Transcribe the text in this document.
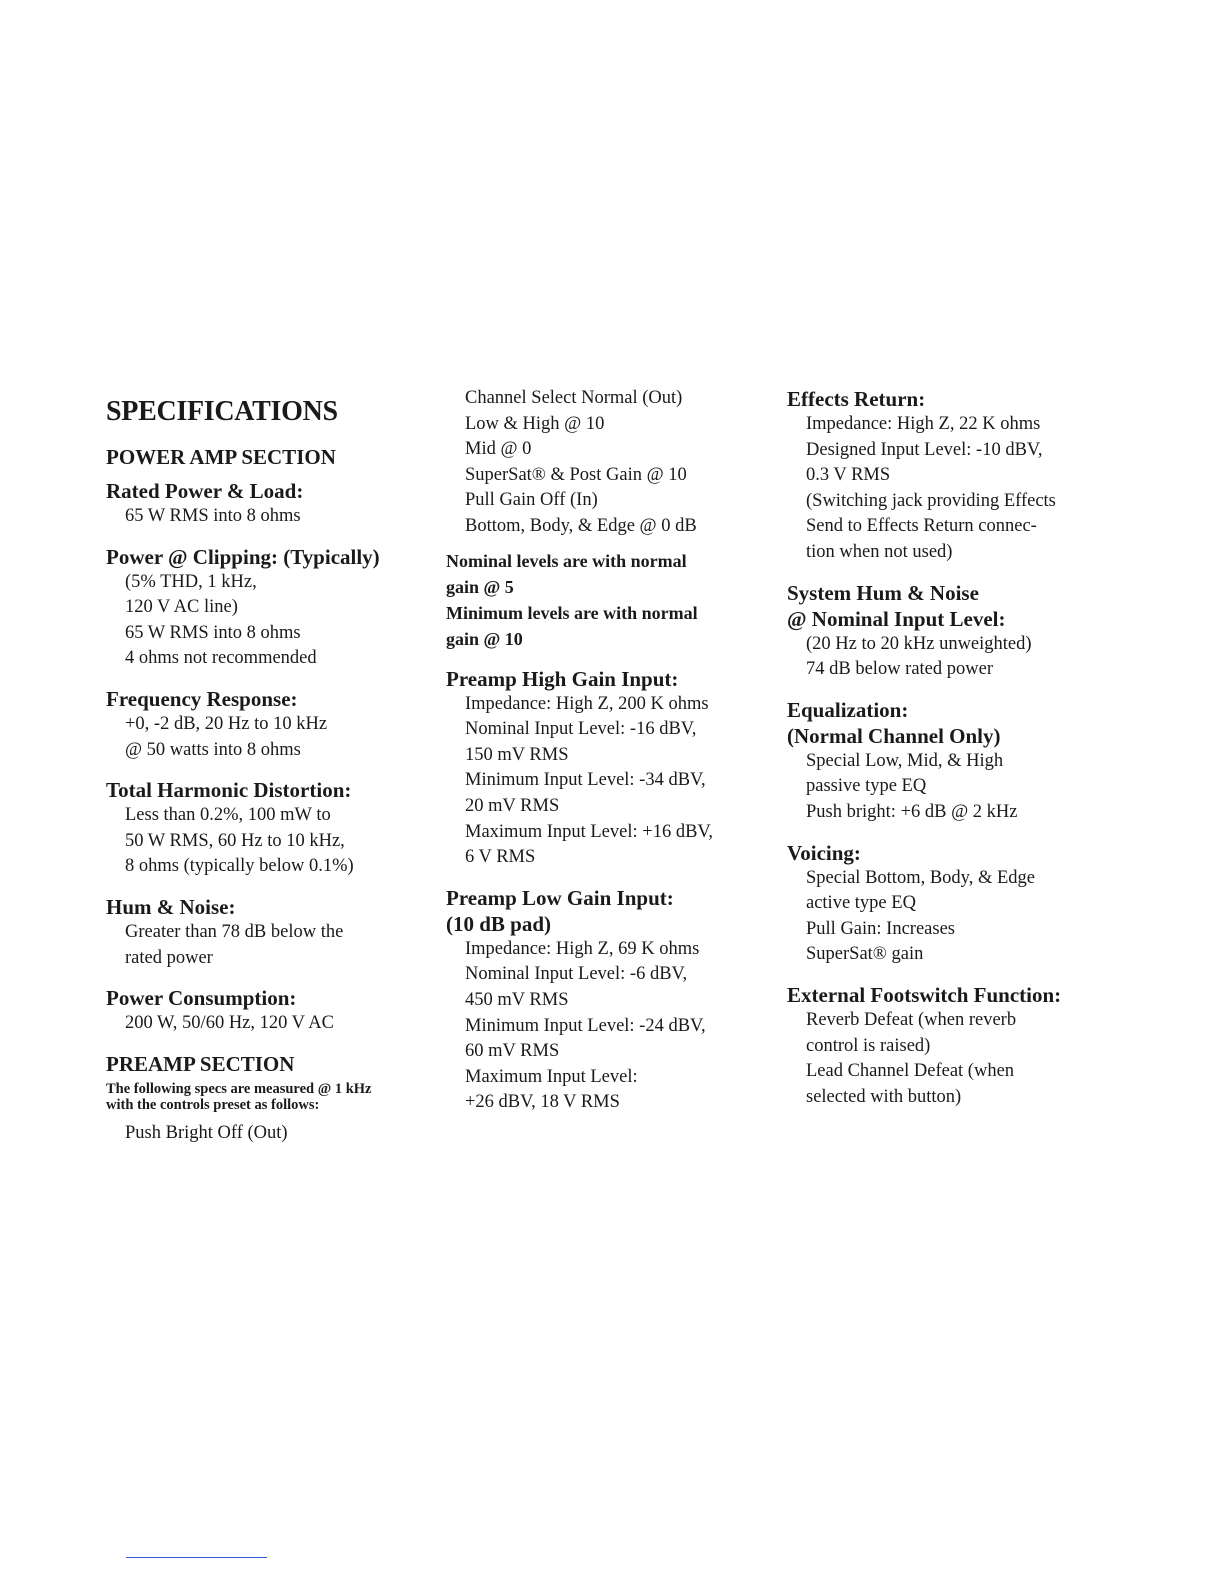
SPECIFICATIONS
POWER AMP SECTION
Rated Power & Load:
65 W RMS into 8 ohms
Power @ Clipping: (Typically)
(5% THD, 1 kHz,
120 V AC line)
65 W RMS into 8 ohms
4 ohms not recommended
Frequency Response:
+0, -2 dB, 20 Hz to 10 kHz
@ 50 watts into 8 ohms
Total Harmonic Distortion:
Less than 0.2%, 100 mW to
50 W RMS, 60 Hz to 10 kHz,
8 ohms (typically below 0.1%)
Hum & Noise:
Greater than 78 dB below the
rated power
Power Consumption:
200 W, 50/60 Hz, 120 V AC
PREAMP SECTION
The following specs are measured @ 1 kHz
with the controls preset as follows:
Push Bright Off (Out)
Channel Select Normal (Out)
Low & High @ 10
Mid @ 0
SuperSat® & Post Gain @ 10
Pull Gain Off (In)
Bottom, Body, & Edge @ 0 dB
Nominal levels are with normal
gain @ 5
Minimum levels are with normal
gain @ 10
Preamp High Gain Input:
Impedance: High Z, 200 K ohms
Nominal Input Level: -16 dBV,
150 mV RMS
Minimum Input Level: -34 dBV,
20 mV RMS
Maximum Input Level: +16 dBV,
6 V RMS
Preamp Low Gain Input:
(10 dB pad)
Impedance: High Z, 69 K ohms
Nominal Input Level: -6 dBV,
450 mV RMS
Minimum Input Level: -24 dBV,
60 mV RMS
Maximum Input Level:
+26 dBV, 18 V RMS
Effects Return:
Impedance: High Z, 22 K ohms
Designed Input Level: -10 dBV,
0.3 V RMS
(Switching jack providing Effects
Send to Effects Return connec-
tion when not used)
System Hum & Noise
@ Nominal Input Level:
(20 Hz to 20 kHz unweighted)
74 dB below rated power
Equalization:
(Normal Channel Only)
Special Low, Mid, & High
passive type EQ
Push bright: +6 dB @ 2 kHz
Voicing:
Special Bottom, Body, & Edge
active type EQ
Pull Gain: Increases
SuperSat® gain
External Footswitch Function:
Reverb Defeat (when reverb
control is raised)
Lead Channel Defeat (when
selected with button)
